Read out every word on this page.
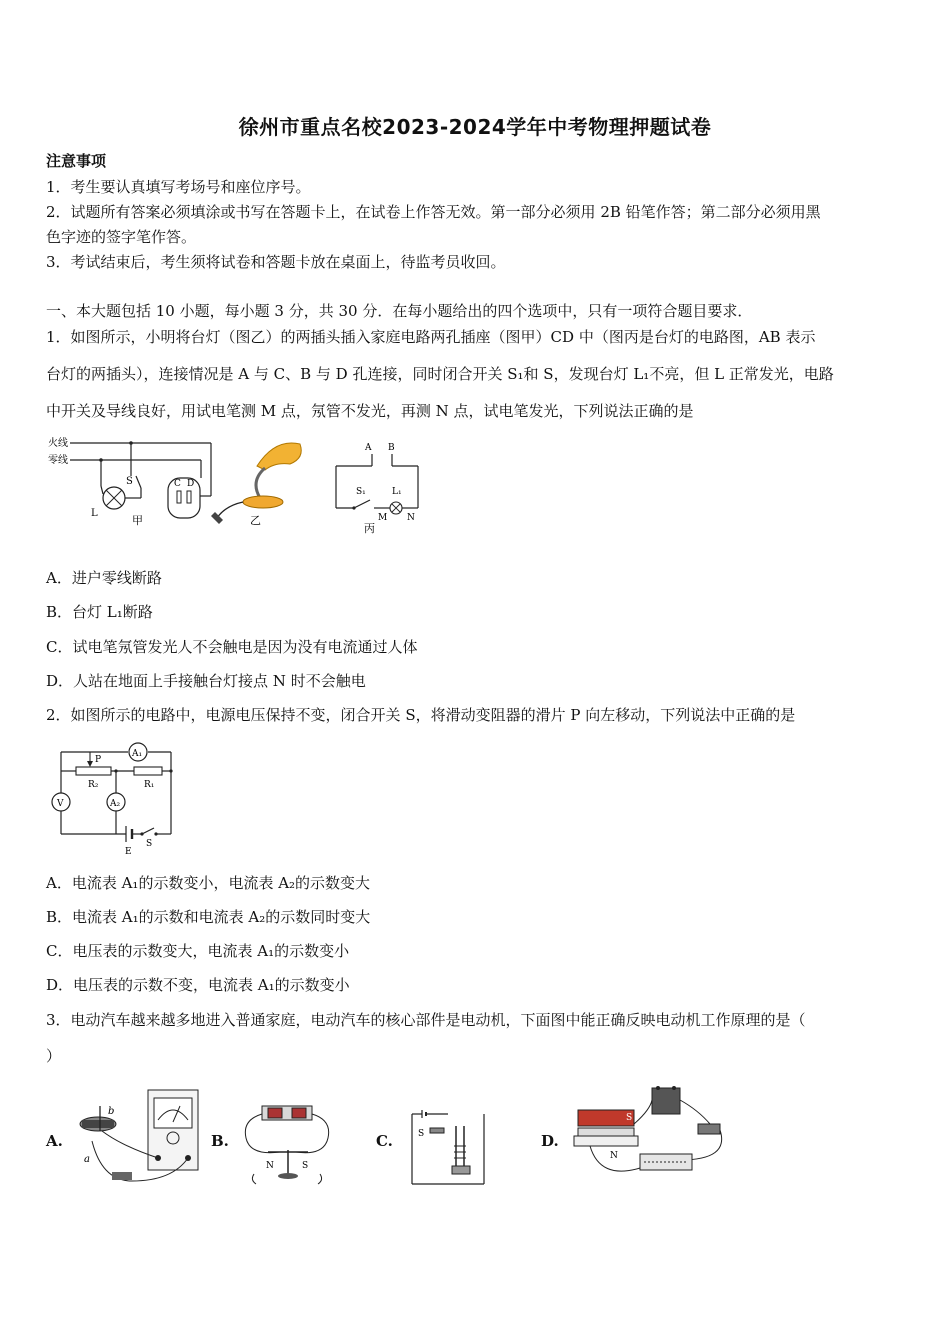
徐州市重点名校2023-2024学年中考物理押题试卷
注意事项
1．考生要认真填写考场号和座位序号。
2．试题所有答案必须填涂或书写在答题卡上，在试卷上作答无效。第一部分必须用 2B 铅笔作答；第二部分必须用黑
色字迹的签字笔作答。
3．考试结束后，考生须将试卷和答题卡放在桌面上，待监考员收回。
一、本大题包括 10 小题，每小题 3 分，共 30 分．在每小题给出的四个选项中，只有一项符合题目要求．
1．如图所示，小明将台灯（图乙）的两插头插入家庭电路两孔插座（图甲）CD 中（图丙是台灯的电路图，AB 表示
台灯的两插头），连接情况是 A 与 C、B 与 D 孔连接，同时闭合开关 S₁和 S，发现台灯 L₁不亮，但 L 正常发光，电路
中开关及导线良好，用试电笔测 M 点，氖管不发光，再测 N 点，试电笔发光，下列说法正确的是
火线
零线
S
L
C D
甲	乙
A B
S₁	L₁
M N
丙
A．进户零线断路
B．台灯 L₁断路
C．试电笔氖管发光人不会触电是因为没有电流通过人体
D．人站在地面上手接触台灯接点 N 时不会触电
2．如图所示的电路中，电源电压保持不变，闭合开关 S，将滑动变阻器的滑片 P 向左移动，下列说法中正确的是
A₁
P
R₂	R₁
A₂
V
E
S
A．电流表 A₁的示数变小，电流表 A₂的示数变大
B．电流表 A₁的示数和电流表 A₂的示数同时变大
C．电压表的示数变大，电流表 A₁的示数变小
D．电压表的示数不变，电流表 A₁的示数变小
3．电动汽车越来越多地进入普通家庭，电动汽车的核心部件是电动机，下面图中能正确反映电动机工作原理的是（
）
A.
b
a
B.
N	S
C.	S	D.
S
N
